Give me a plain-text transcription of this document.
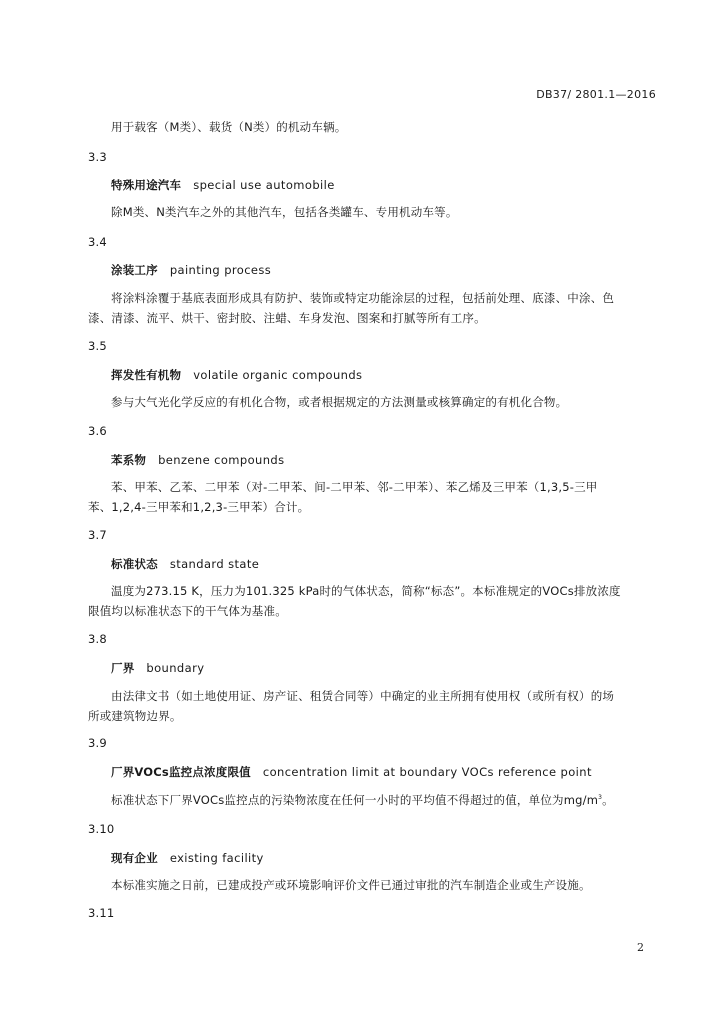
DB37/ 2801.1—2016
用于载客（M类）、载货（N类）的机动车辆。
3.3
特殊用途汽车 special use automobile
除M类、N类汽车之外的其他汽车，包括各类罐车、专用机动车等。
3.4
涂装工序 painting process
将涂料涂覆于基底表面形成具有防护、装饰或特定功能涂层的过程，包括前处理、底漆、中涂、色
漆、清漆、流平、烘干、密封胶、注蜡、车身发泡、图案和打腻等所有工序。
3.5
挥发性有机物 volatile organic compounds
参与大气光化学反应的有机化合物，或者根据规定的方法测量或核算确定的有机化合物。
3.6
苯系物 benzene compounds
苯、甲苯、乙苯、二甲苯（对-二甲苯、间-二甲苯、邻-二甲苯）、苯乙烯及三甲苯（1,3,5-三甲
苯、1,2,4-三甲苯和1,2,3-三甲苯）合计。
3.7
标准状态 standard state
温度为273.15 K，压力为101.325 kPa时的气体状态，简称“标态”。本标准规定的VOCs排放浓度
限值均以标准状态下的干气体为基准。
3.8
厂界 boundary
由法律文书（如土地使用证、房产证、租赁合同等）中确定的业主所拥有使用权（或所有权）的场
所或建筑物边界。
3.9
厂界VOCs监控点浓度限值 concentration limit at boundary VOCs reference point
标准状态下厂界VOCs监控点的污染物浓度在任何一小时的平均值不得超过的值，单位为$mg/m^3$。
3.10
现有企业 existing facility
本标准实施之日前，已建成投产或环境影响评价文件已通过审批的汽车制造企业或生产设施。
3.11
2
